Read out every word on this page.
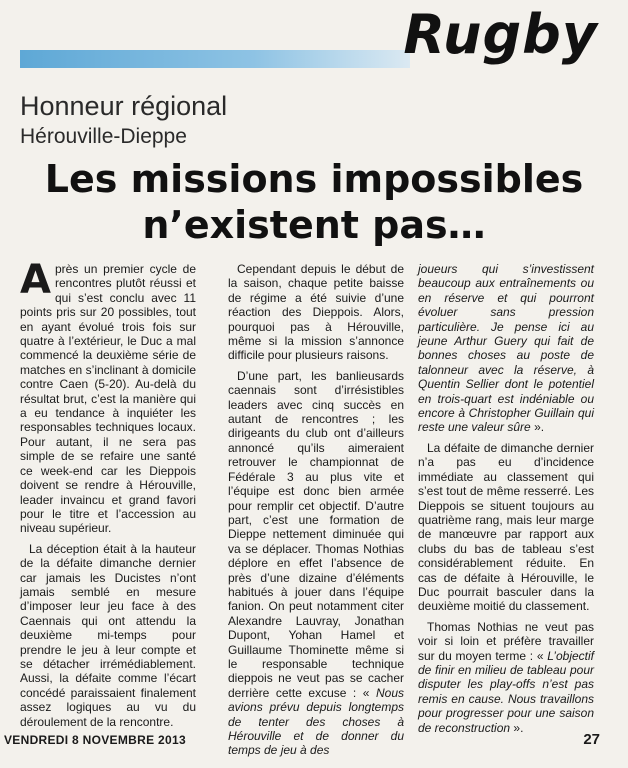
Rugby
Honneur régional
Hérouville-Dieppe
Les missions impossibles
n’existent pas…

Après un premier cycle de rencontres plutôt réussi et qui s’est conclu avec 11 points pris sur 20 possibles, tout en ayant évolué trois fois sur quatre à l’extérieur, le Duc a mal commencé la deuxième série de matches en s’inclinant à domicile contre Caen (5-20). Au-delà du résultat brut, c’est la manière qui a eu tendance à inquiéter les responsables techniques locaux. Pour autant, il ne sera pas simple de se refaire une santé ce week-end car les Dieppois doivent se rendre à Hérouville, leader invaincu et grand favori pour le titre et l’accession au niveau supérieur.

La déception était à la hauteur de la défaite dimanche dernier car jamais les Ducistes n’ont jamais semblé en mesure d’imposer leur jeu face à des Caennais qui ont attendu la deuxième mi-temps pour prendre le jeu à leur compte et se détacher irrémédiablement. Aussi, la défaite comme l’écart concédé paraissaient finalement assez logiques au vu du déroulement de la rencontre.

Cependant depuis le début de la saison, chaque petite baisse de régime a été suivie d’une réaction des Dieppois. Alors, pourquoi pas à Hérouville, même si la mission s’annonce difficile pour plusieurs raisons.

D’une part, les banlieusards caennais sont d’irrésistibles leaders avec cinq succès en autant de rencontres ; les dirigeants du club ont d’ailleurs annoncé qu’ils aimeraient retrouver le championnat de Fédérale 3 au plus vite et l’équipe est donc bien armée pour remplir cet objectif. D’autre part, c’est une formation de Dieppe nettement diminuée qui va se déplacer. Thomas Nothias déplore en effet l’absence de près d’une dizaine d’éléments habitués à jouer dans l’équipe fanion. On peut notamment citer Alexandre Lauvray, Jonathan Dupont, Yohan Hamel et Guillaume Thominette même si le responsable technique dieppois ne veut pas se cacher derrière cette excuse : « Nous avions prévu depuis longtemps de tenter des choses à Hérouville et de donner du temps de jeu à des

joueurs qui s’investissent beaucoup aux entraînements ou en réserve et qui pourront évoluer sans pression particulière. Je pense ici au jeune Arthur Guery qui fait de bonnes choses au poste de talonneur avec la réserve, à Quentin Sellier dont le potentiel en trois-quart est indéniable ou encore à Christopher Guillain qui reste une valeur sûre ».

La défaite de dimanche dernier n’a pas eu d’incidence immédiate au classement qui s’est tout de même resserré. Les Dieppois se situent toujours au quatrième rang, mais leur marge de manœuvre par rapport aux clubs du bas de tableau s’est considérablement réduite. En cas de défaite à Hérouville, le Duc pourrait basculer dans la deuxième moitié du classement.

Thomas Nothias ne veut pas voir si loin et préfère travailler sur du moyen terme : « L’objectif de finir en milieu de tableau pour disputer les play-offs n’est pas remis en cause. Nous travaillons pour progresser pour une saison de reconstruction ».

VENDREDI 8 NOVEMBRE 2013	27
